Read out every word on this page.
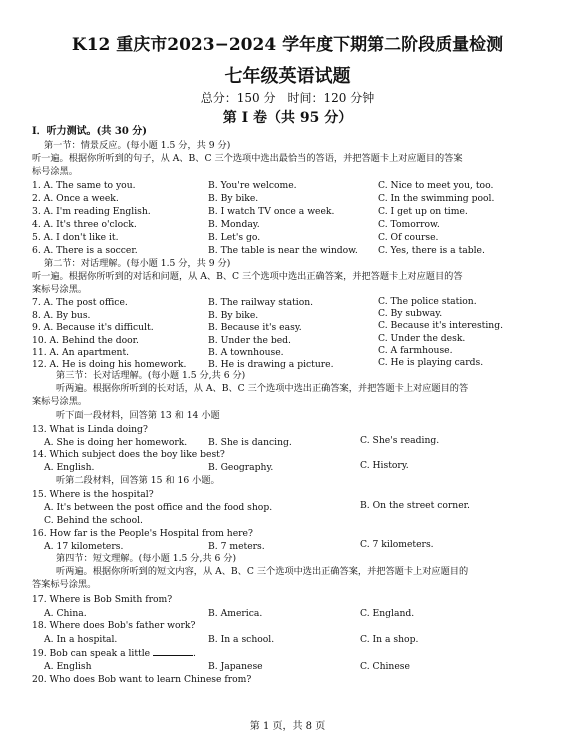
K12 重庆市2023−2024 学年度下期第二阶段质量检测
七年级英语试题
总分：150 分　时间：120 分钟
第 I 卷（共 95 分）
Ⅰ．听力测试。(共 30 分)
第一节：情景反应。(每小题 1.5 分，共 9 分)
听一遍。根据你所听到的句子，从 A、B、C 三个选项中选出最恰当的答语，并把答题卡上对应题目的答案
标号涂黑。
1. A. The same to you.	B. You're welcome.	C. Nice to meet you, too.
2. A. Once a week.	B. By bike.	C. In the swimming pool.
3. A. I'm reading English.	B. I watch TV once a week.	C. I get up on time.
4. A. It's three o'clock.	B. Monday.	C. Tomorrow.
5. A. I don't like it.	B. Let's go.	C. Of course.
6. A. There is a soccer.	B. The table is near the window. C. Yes, there is a table.
第二节：对话理解。(每小题 1.5 分，共 9 分)
听一遍。根据你所听到的对话和问题，从 A、B、C 三个选项中选出正确答案，并把答题卡上对应题目的答
案标号涂黑。
7. A. The post office.	B. The railway station.	C. The police station.
8. A. By bus.	B. By bike.	C. By subway.
9. A. Because it's difficult.	B. Because it's easy.	C. Because it's interesting.
10. A. Behind the door.	B. Under the bed.	C. Under the desk.
11. A. An apartment.	B. A townhouse.	C. A farmhouse.
12. A. He is doing his homework. B. He is drawing a picture.	C. He is playing cards.
第三节：长对话理解。(每小题 1.5 分,共 6 分)
听两遍。根据你所听到的长对话，从 A、B、C 三个选项中选出正确答案，并把答题卡上对应题目的答
案标号涂黑。
听下面一段材料，回答第 13 和 14 小题
13. What is Linda doing?
A. She is doing her homework. B. She is dancing.	C. She's reading.
14. Which subject does the boy like best?
A. English.	B. Geography.	C. History.
听第二段材料，回答第 15 和 16 小题。
15. Where is the hospital?
A. It's between the post office and the food shop.	B. On the street corner.
C. Behind the school.
16. How far is the People's Hospital from here?
A. 17 kilometers.	B. 7 meters.	C. 7 kilometers.
第四节：短文理解。(每小题 1.5 分,共 6 分)
听两遍。根据你所听到的短文内容，从 A、B、C 三个选项中选出正确答案，并把答题卡上对应题目的
答案标号涂黑。
17. Where is Bob Smith from?
A. China.	B. America.	C. England.
18. Where does Bob's father work?
A. In a hospital.	B. In a school.	C. In a shop.
19. Bob can speak a little	.
A. English	B. Japanese	C. Chinese
20. Who does Bob want to learn Chinese from?
第 1 页，共 8 页
